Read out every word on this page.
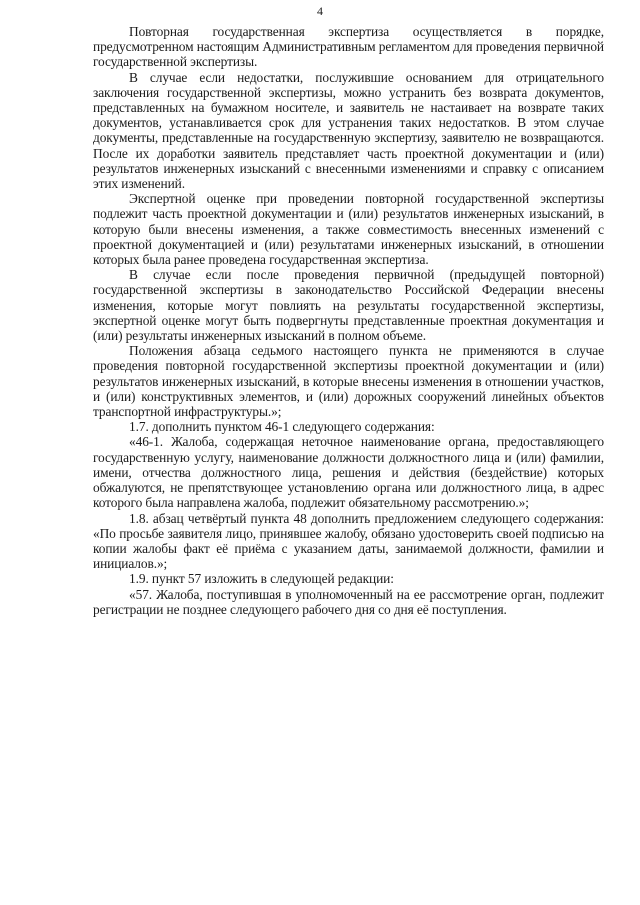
4

Повторная государственная экспертиза осуществляется в порядке, предусмотренном настоящим Административным регламентом для проведения первичной государственной экспертизы.

В случае если недостатки, послужившие основанием для отрицательного заключения государственной экспертизы, можно устранить без возврата документов, представленных на бумажном носителе, и заявитель не настаивает на возврате таких документов, устанавливается срок для устранения таких недостатков. В этом случае документы, представленные на государственную экспертизу, заявителю не возвращаются. После их доработки заявитель представляет часть проектной документации и (или) результатов инженерных изысканий с внесенными изменениями и справку с описанием этих изменений.

Экспертной оценке при проведении повторной государственной экспертизы подлежит часть проектной документации и (или) результатов инженерных изысканий, в которую были внесены изменения, а также совместимость внесенных изменений с проектной документацией и (или) результатами инженерных изысканий, в отношении которых была ранее проведена государственная экспертиза.

В случае если после проведения первичной (предыдущей повторной) государственной экспертизы в законодательство Российской Федерации внесены изменения, которые могут повлиять на результаты государственной экспертизы, экспертной оценке могут быть подвергнуты представленные проектная документация и (или) результаты инженерных изысканий в полном объеме.

Положения абзаца седьмого настоящего пункта не применяются в случае проведения повторной государственной экспертизы проектной документации и (или) результатов инженерных изысканий, в которые внесены изменения в отношении участков, и (или) конструктивных элементов, и (или) дорожных сооружений линейных объектов транспортной инфраструктуры.»;

1.7. дополнить пунктом 46-1 следующего содержания:

«46-1. Жалоба, содержащая неточное наименование органа, предоставляющего государственную услугу, наименование должности должностного лица и (или) фамилии, имени, отчества должностного лица, решения и действия (бездействие) которых обжалуются, не препятствующее установлению органа или должностного лица, в адрес которого была направлена жалоба, подлежит обязательному рассмотрению.»;

1.8. абзац четвёртый пункта 48 дополнить предложением следующего содержания: «По просьбе заявителя лицо, принявшее жалобу, обязано удостоверить своей подписью на копии жалобы факт её приёма с указанием даты, занимаемой должности, фамилии и инициалов.»;

1.9. пункт 57 изложить в следующей редакции:

«57. Жалоба, поступившая в уполномоченный на ее рассмотрение орган, подлежит регистрации не позднее следующего рабочего дня со дня её поступления.
